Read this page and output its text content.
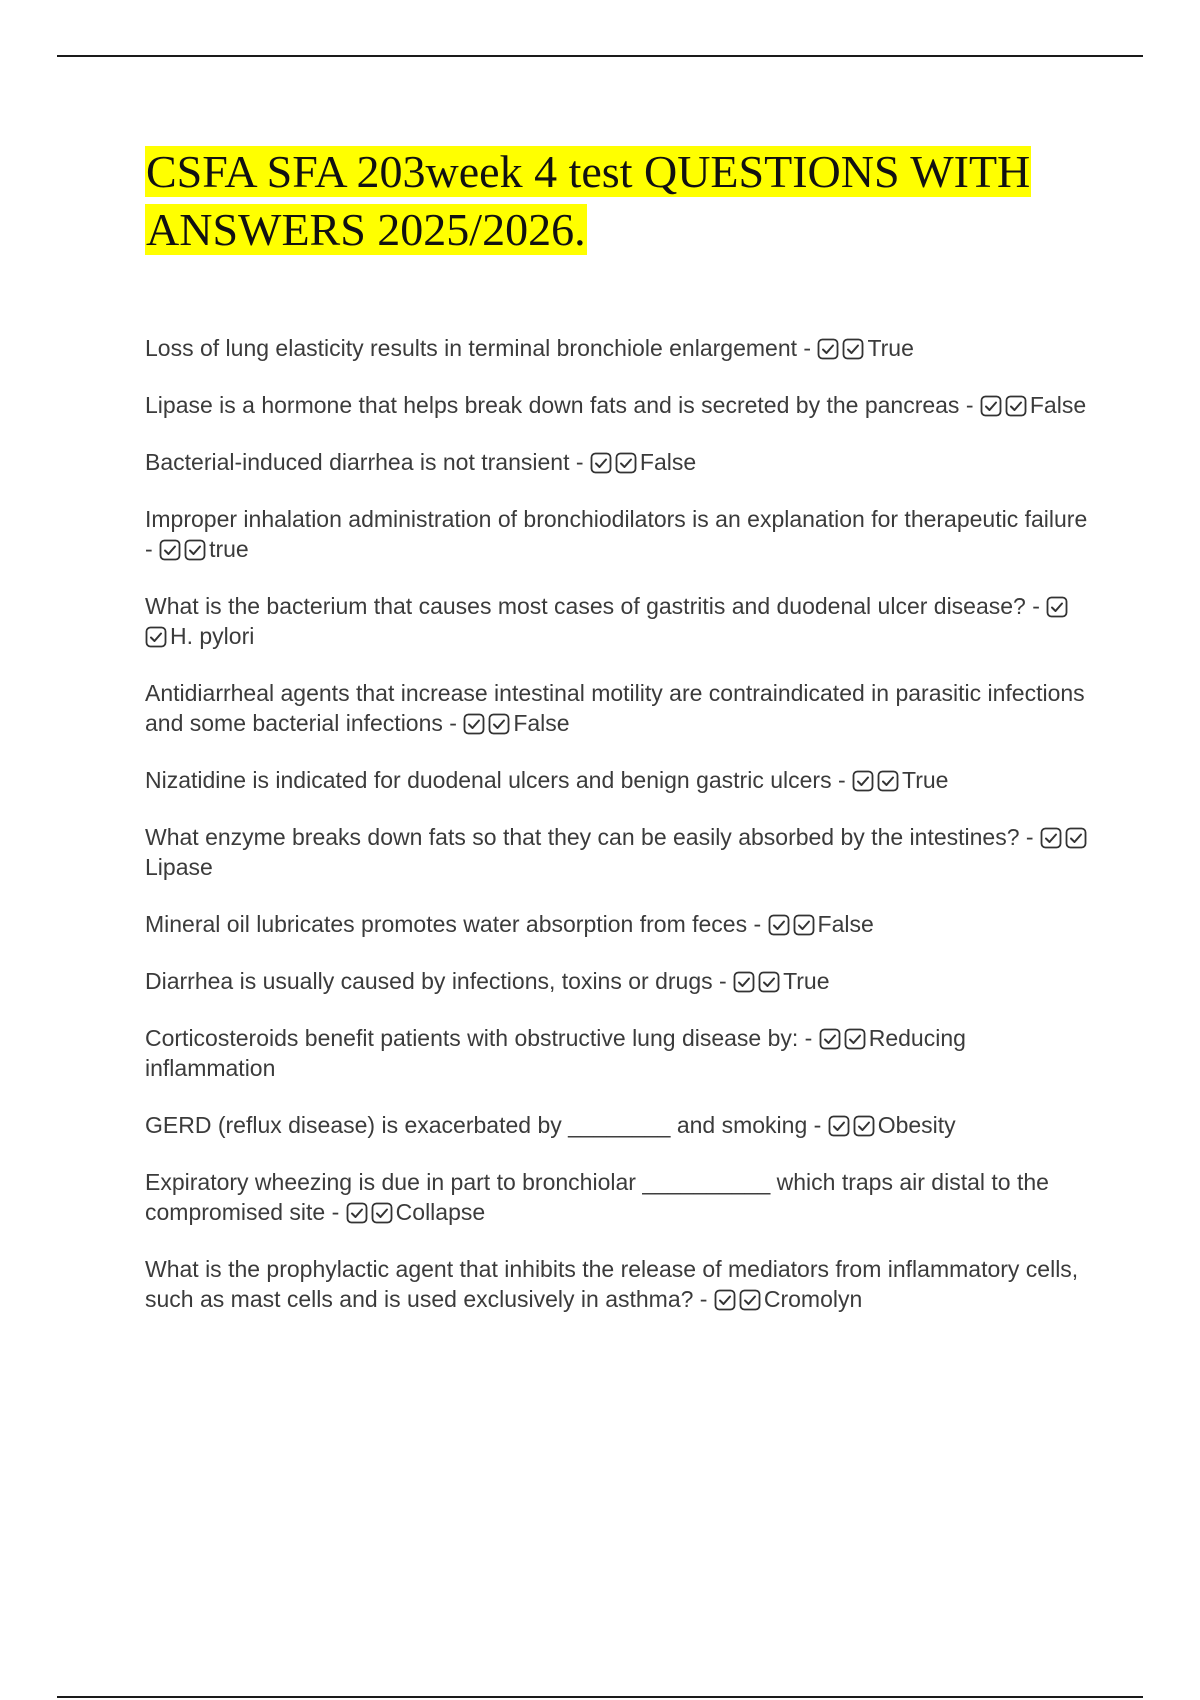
CSFA SFA 203week 4 test QUESTIONS WITH ANSWERS 2025/2026.
Loss of lung elasticity results in terminal bronchiole enlargement -
True
Lipase is a hormone that helps break down fats and is secreted by the pancreas -
False
Bacterial-induced diarrhea is not transient -
False
Improper inhalation administration of bronchiodilators is an explanation for therapeutic failure -
true
What is the bacterium that causes most cases of gastritis and duodenal ulcer disease? -
H. pylori
Antidiarrheal agents that increase intestinal motility are contraindicated in parasitic infections and some bacterial infections -
False
Nizatidine is indicated for duodenal ulcers and benign gastric ulcers -
True
What enzyme breaks down fats so that they can be easily absorbed by the intestines? -
Lipase
Mineral oil lubricates promotes water absorption from feces -
False
Diarrhea is usually caused by infections, toxins or drugs -
True
Corticosteroids benefit patients with obstructive lung disease by: -
Reducing inflammation
GERD (reflux disease) is exacerbated by ________ and smoking -
Obesity
Expiratory wheezing is due in part to bronchiolar __________ which traps air distal to the compromised site -
Collapse
What is the prophylactic agent that inhibits the release of mediators from inflammatory cells, such as mast cells and is used exclusively in asthma? -
Cromolyn
